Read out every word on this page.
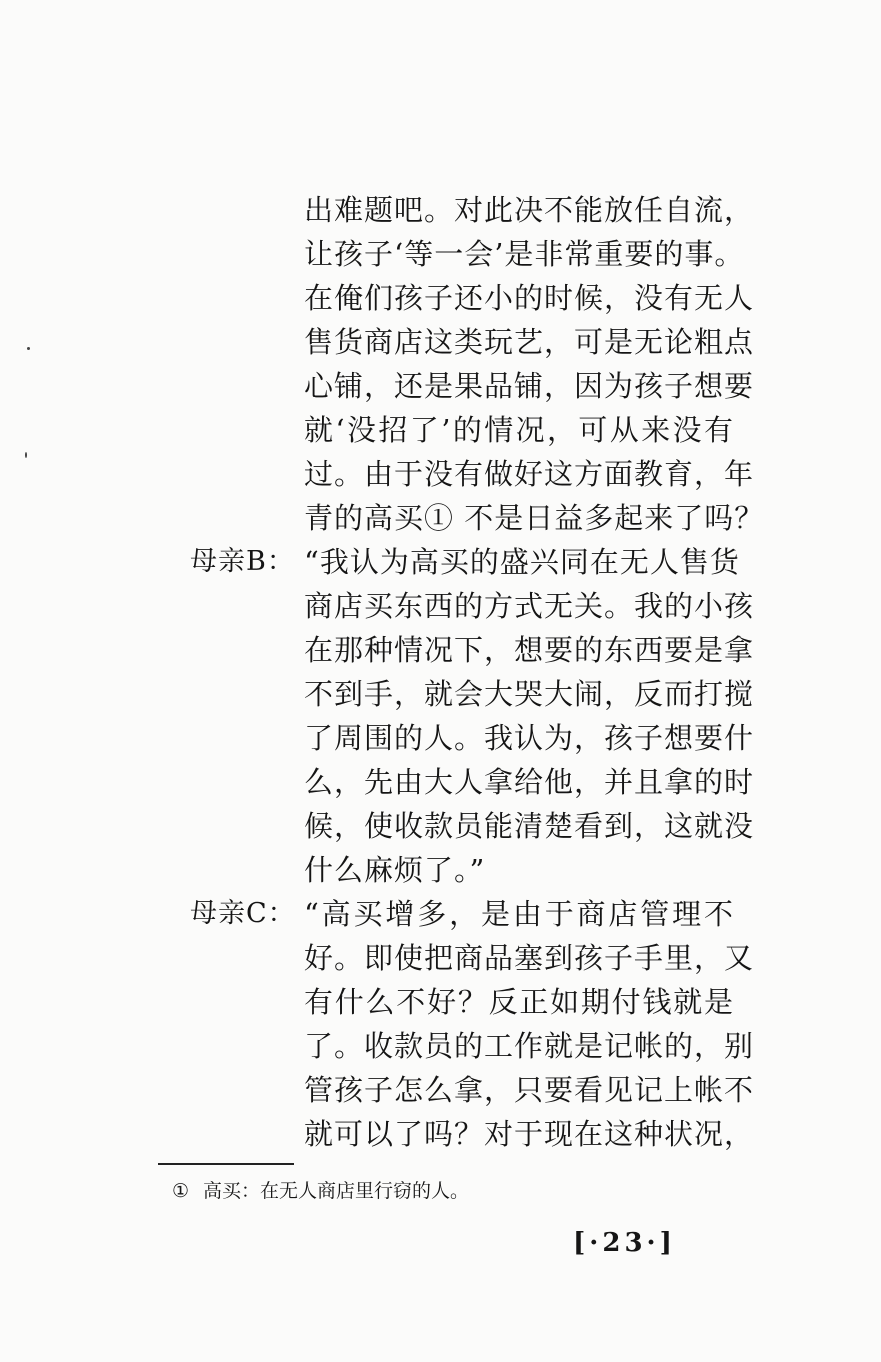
出难题吧。对此决不能放任自流，
让孩子‘等一会’是非常重要的事。
在俺们孩子还小的时候，没有无人
售货商店这类玩艺，可是无论粗点
心铺，还是果品铺，因为孩子想要
就‘没招了’的情况，可从来没有
过。由于没有做好这方面教育，年
青的高买① 不是日益多起来了吗？
母亲B： “我认为高买的盛兴同在无人售货
商店买东西的方式无关。我的小孩
在那种情况下，想要的东西要是拿
不到手，就会大哭大闹，反而打搅
了周围的人。我认为，孩子想要什
么，先由大人拿给他，并且拿的时
候，使收款员能清楚看到，这就没
什么麻烦了。”
母亲C： “高买增多，是由于商店管理不
好。即使把商品塞到孩子手里，又
有什么不好？反正如期付钱就是
了。收款员的工作就是记帐的，别
管孩子怎么拿，只要看见记上帐不
就可以了吗？对于现在这种状况，
① 高买：在无人商店里行窃的人。
[·23·]
